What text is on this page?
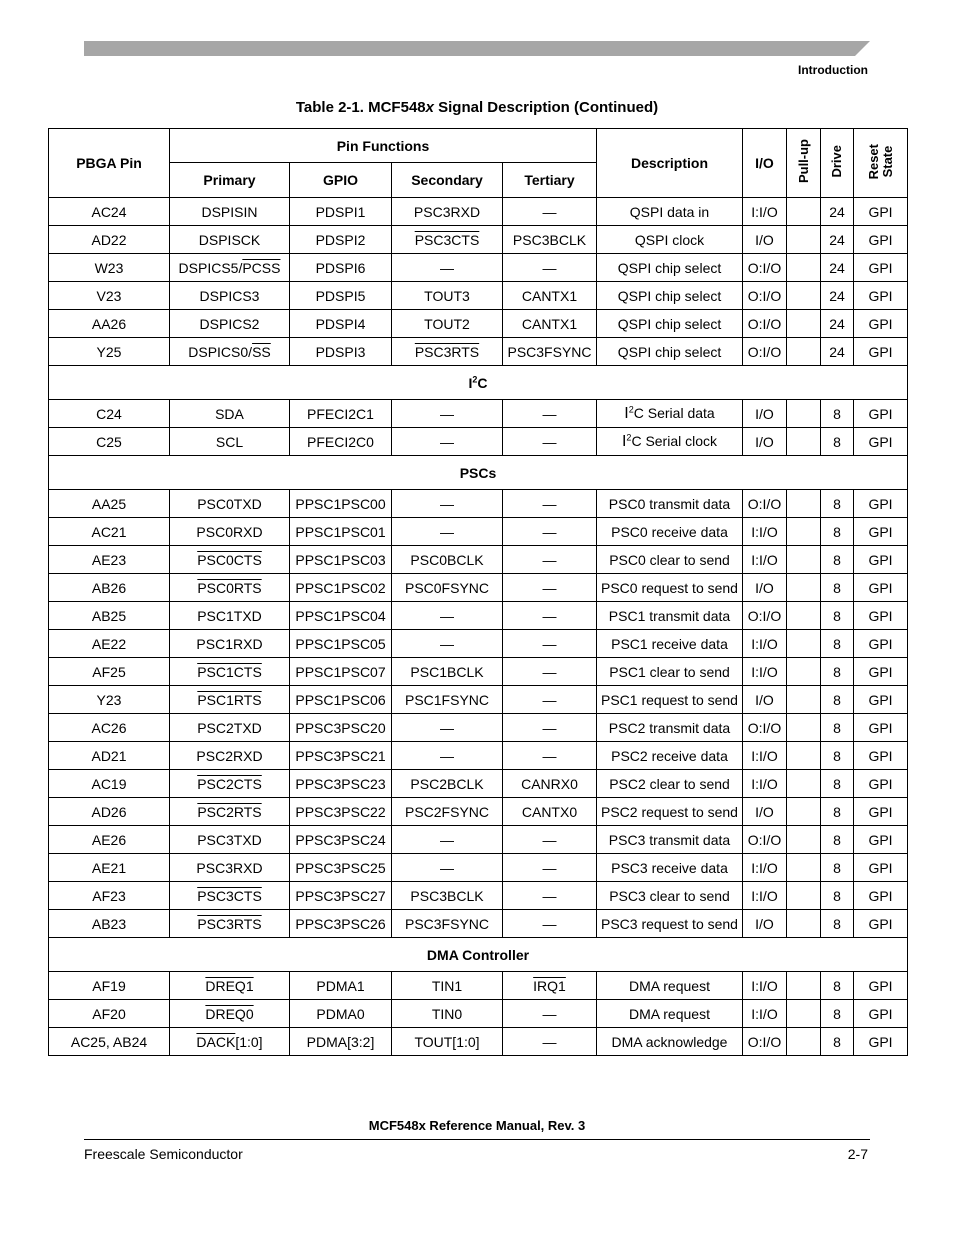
Introduction
Table 2-1. MCF548x Signal Description (Continued)
PBGA Pin	Pin Functions				Description	I/O	Pull-up	Drive	Reset
State
	Primary	GPIO	Secondary	Tertiary					
AC24	DSPISIN	PDSPI1	PSC3RXD	—	QSPI data in	I:I/O		24	GPI
AD22	DSPISCK	PDSPI2	PSC3CTS	PSC3BCLK	QSPI clock	I/O		24	GPI
W23	DSPICS5/PCSS	PDSPI6	—	—	QSPI chip select	O:I/O		24	GPI
V23	DSPICS3	PDSPI5	TOUT3	CANTX1	QSPI chip select	O:I/O		24	GPI
AA26	DSPICS2	PDSPI4	TOUT2	CANTX1	QSPI chip select	O:I/O		24	GPI
Y25	$DSPICS0/\overline{SS}$	PDSPI3	PSC3RTS	PSC3FSYNC	QSPI chip select	O:I/O		24	GPI
$I^2C$									
C24	SDA	PFECI2C1	—	—	$I^2C$ Serial data	I/O		8	GPI
C25	SCL	PFECI2C0	—	—	$I^2C$ Serial clock	I/O		8	GPI
PSCs									
AA25	PSC0TXD	PPSC1PSC00	—	—	PSC0 transmit data	O:I/O		8	GPI
AC21	PSC0RXD	PPSC1PSC01	—	—	PSC0 receive data	I:I/O		8	GPI
AE23	PSC0CTS	PPSC1PSC03	PSC0BCLK	—	PSC0 clear to send	I:I/O		8	GPI
AB26	PSC0RTS	PPSC1PSC02	PSC0FSYNC	—	PSC0 request to send	I/O		8	GPI
AB25	PSC1TXD	PPSC1PSC04	—	—	PSC1 transmit data	O:I/O		8	GPI
AE22	PSC1RXD	PPSC1PSC05	—	—	PSC1 receive data	I:I/O		8	GPI
AF25	PSC1CTS	PPSC1PSC07	PSC1BCLK	—	PSC1 clear to send	I:I/O		8	GPI
Y23	PSC1RTS	PPSC1PSC06	PSC1FSYNC	—	PSC1 request to send	I/O		8	GPI
AC26	PSC2TXD	PPSC3PSC20	—	—	PSC2 transmit data	O:I/O		8	GPI
AD21	PSC2RXD	PPSC3PSC21	—	—	PSC2 receive data	I:I/O		8	GPI
AC19	PSC2CTS	PPSC3PSC23	PSC2BCLK	CANRX0	PSC2 clear to send	I:I/O		8	GPI
AD26	PSC2RTS	PPSC3PSC22	PSC2FSYNC	CANTX0	PSC2 request to send	I/O		8	GPI
AE26	PSC3TXD	PPSC3PSC24	—	—	PSC3 transmit data	O:I/O		8	GPI
AE21	PSC3RXD	PPSC3PSC25	—	—	PSC3 receive data	I:I/O		8	GPI
AF23	PSC3CTS	PPSC3PSC27	PSC3BCLK	—	PSC3 clear to send	I:I/O		8	GPI
AB23	PSC3RTS	PPSC3PSC26	PSC3FSYNC	—	PSC3 request to send	I/O		8	GPI
DMA Controller									
AF19	DREQ1	PDMA1	TIN1	IRQ1	DMA request	I:I/O		8	GPI
AF20	DREQ0	PDMA0	TIN0	—	DMA request	I:I/O		8	GPI
AC25, AB24	DACK[1:0]	PDMA[3:2]	TOUT[1:0]	—	DMA acknowledge	O:I/O		8	GPI
MCF548x Reference Manual, Rev. 3
Freescale Semiconductor	2-7
